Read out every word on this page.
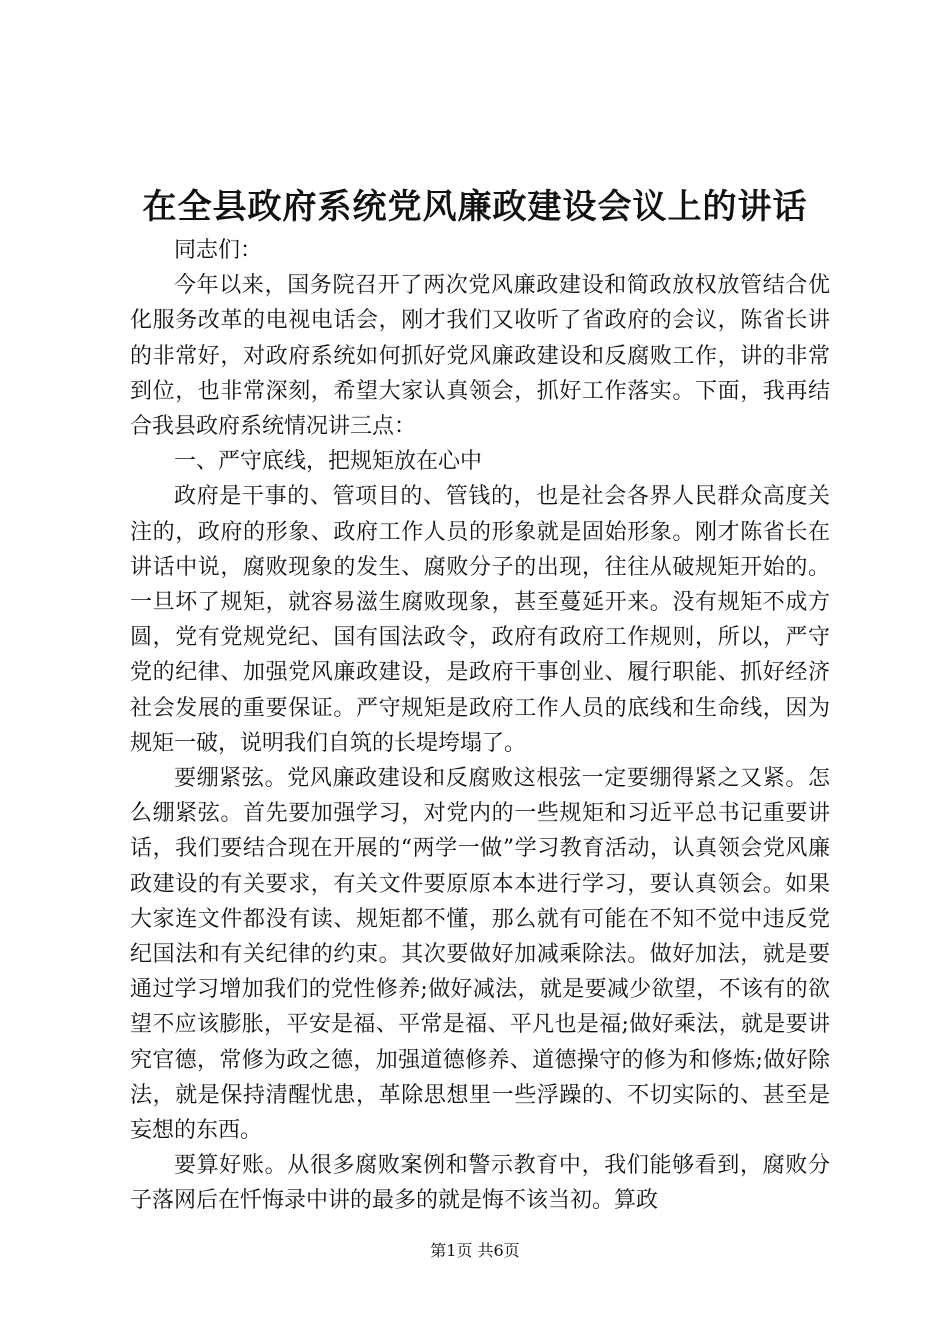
在全县政府系统党风廉政建设会议上的讲话

同志们：

今年以来，国务院召开了两次党风廉政建设和简政放权放管结合优化服务改革的电视电话会，刚才我们又收听了省政府的会议，陈省长讲的非常好，对政府系统如何抓好党风廉政建设和反腐败工作，讲的非常到位，也非常深刻，希望大家认真领会，抓好工作落实。下面，我再结合我县政府系统情况讲三点：

一、严守底线，把规矩放在心中

政府是干事的、管项目的、管钱的，也是社会各界人民群众高度关注的，政府的形象、政府工作人员的形象就是固始形象。刚才陈省长在讲话中说，腐败现象的发生、腐败分子的出现，往往从破规矩开始的。一旦坏了规矩，就容易滋生腐败现象，甚至蔓延开来。没有规矩不成方圆，党有党规党纪、国有国法政令，政府有政府工作规则，所以，严守党的纪律、加强党风廉政建设，是政府干事创业、履行职能、抓好经济社会发展的重要保证。严守规矩是政府工作人员的底线和生命线，因为规矩一破，说明我们自筑的长堤垮塌了。

要绷紧弦。党风廉政建设和反腐败这根弦一定要绷得紧之又紧。怎么绷紧弦。首先要加强学习，对党内的一些规矩和习近平总书记重要讲话，我们要结合现在开展的“两学一做”学习教育活动，认真领会党风廉政建设的有关要求，有关文件要原原本本进行学习，要认真领会。如果大家连文件都没有读、规矩都不懂，那么就有可能在不知不觉中违反党纪国法和有关纪律的约束。其次要做好加减乘除法。做好加法，就是要通过学习增加我们的党性修养;做好减法，就是要减少欲望，不该有的欲望不应该膨胀，平安是福、平常是福、平凡也是福;做好乘法，就是要讲究官德，常修为政之德，加强道德修养、道德操守的修为和修炼;做好除法，就是保持清醒忧患，革除思想里一些浮躁的、不切实际的、甚至是妄想的东西。

要算好账。从很多腐败案例和警示教育中，我们能够看到，腐败分子落网后在忏悔录中讲的最多的就是悔不该当初。算政

第1页 共6页
